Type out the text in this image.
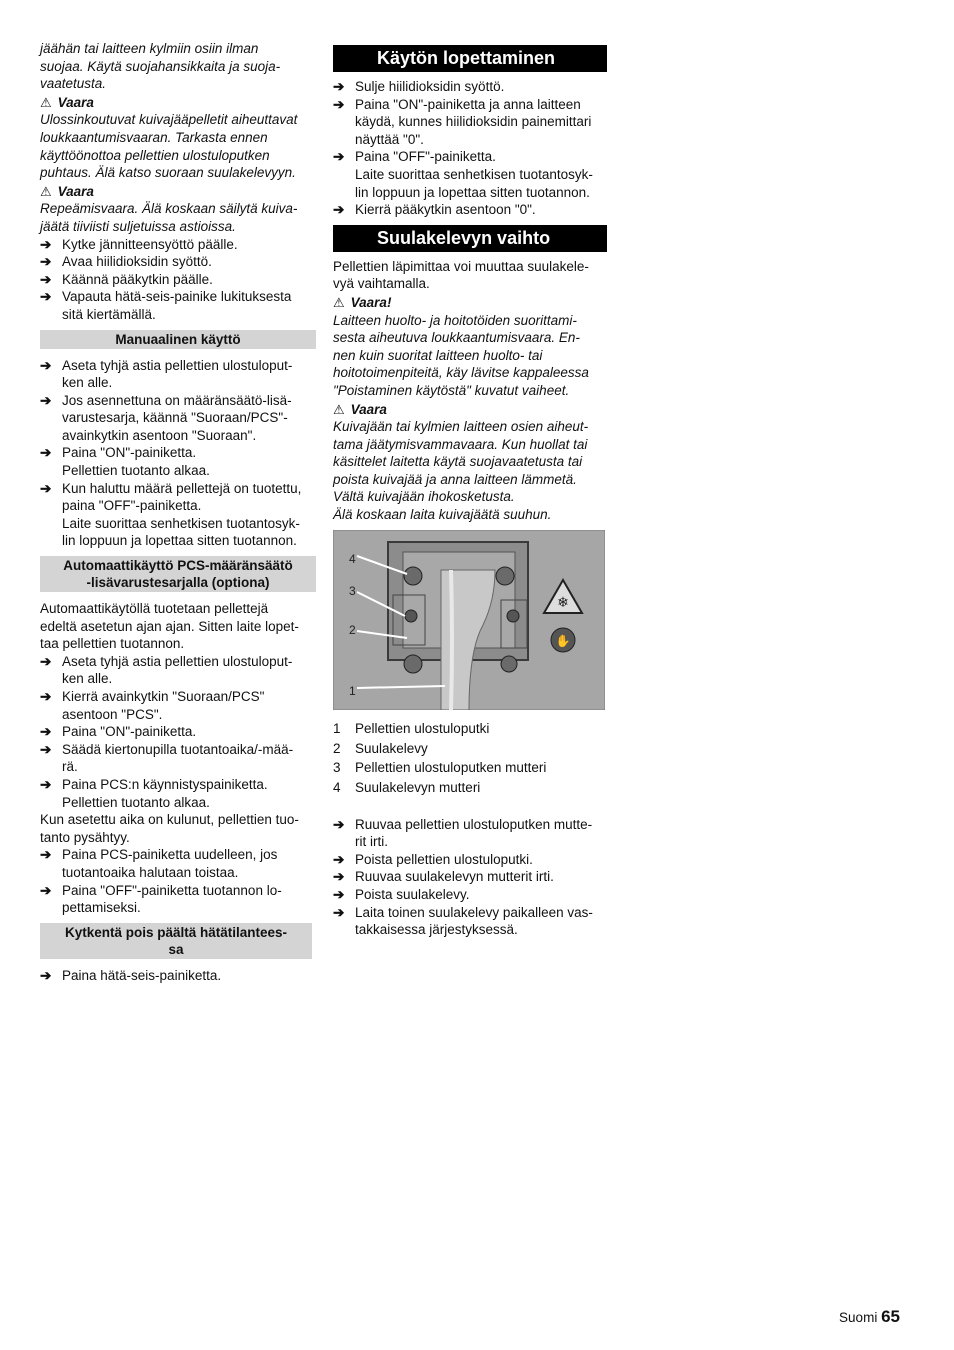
jäähän tai laitteen kylmiin osiin ilman
suojaa. Käytä suojahansikkaita ja suoja-
vaatetusta.

⚠ Vaara

Ulossinkoutuvat kuivajääpelletit aiheuttavat
loukkaantumisvaaran. Tarkasta ennen
käyttöönottoa pellettien ulostuloputken
puhtaus. Älä katso suoraan suulakelevyyn.

⚠ Vaara

Repeämisvaara. Älä koskaan säilytä kuiva-
jäätä tiiviisti suljetuissa astioissa.

➔ Kytke jännitteensyöttö päälle.
➔ Avaa hiilidioksidin syöttö.
➔ Käännä pääkytkin päälle.
➔ Vapauta hätä-seis-painike lukituksesta
sitä kiertämällä.
Manuaalinen käyttö
➔ Aseta tyhjä astia pellettien ulostuloput-
ken alle.
➔ Jos asennettuna on määränsäätö-lisä-
varustesarja, käännä "Suoraan/PCS"-
avainkytkin asentoon "Suoraan".
➔ Paina "ON"-painiketta.
Pellettien tuotanto alkaa.
➔ Kun haluttu määrä pellettejä on tuotettu,
paina "OFF"-painiketta.
Laite suorittaa senhetkisen tuotantosyk-
lin loppuun ja lopettaa sitten tuotannon.
Automaattikäyttö PCS-määränsäätö
-lisävarustesarjalla (optiona)

Automaattikäytöllä tuotetaan pellettejä
edeltä asetetun ajan ajan. Sitten laite lopet-
taa pellettien tuotannon.

➔ Aseta tyhjä astia pellettien ulostuloput-
ken alle.
➔ Kierrä avainkytkin "Suoraan/PCS"
asentoon "PCS".
➔ Paina "ON"-painiketta.
➔ Säädä kiertonupilla tuotantoaika/-mää-
rä.
➔ Paina PCS:n käynnistyspainiketta.
Pellettien tuotanto alkaa.

Kun asetettu aika on kulunut, pellettien tuo-
tanto pysähtyy.

➔ Paina PCS-painiketta uudelleen, jos
tuotantoaika halutaan toistaa.
➔ Paina "OFF"-painiketta tuotannon lo-
pettamiseksi.
Kytkentä pois päältä hätätilantees-
sa
➔ Paina hätä-seis-painiketta.
Käytön lopettaminen
➔ Sulje hiilidioksidin syöttö.
➔ Paina "ON"-painiketta ja anna laitteen
käydä, kunnes hiilidioksidin painemittari
näyttää "0".
➔ Paina "OFF"-painiketta.
Laite suorittaa senhetkisen tuotantosyk-
lin loppuun ja lopettaa sitten tuotannon.
➔ Kierrä pääkytkin asentoon "0".
Suulakelevyn vaihto

Pellettien läpimittaa voi muuttaa suulakele-
vyä vaihtamalla.

⚠ Vaara!

Laitteen huolto- ja hoitotöiden suorittami-
sesta aiheutuva loukkaantumisvaara. En-
nen kuin suoritat laitteen huolto- tai
hoitotoimenpiteitä, käy lävitse kappaleessa
"Poistaminen käytöstä" kuvatut vaiheet.

⚠ Vaara

Kuivajään tai kylmien laitteen osien aiheut-
tama jäätymisvammavaara. Kun huollat tai
käsittelet laitetta käytä suojavaatetusta tai
poista kuivajää ja anna laitteen lämmetä.
Vältä kuivajään ihokosketusta.
Älä koskaan laita kuivajäätä suuhun.

❄
✋
4
3
2
1
1	Pellettien ulostuloputki
2	Suulakelevy
3	Pellettien ulostuloputken mutteri
4	Suulakelevyn mutteri
➔ Ruuvaa pellettien ulostuloputken mutte-
rit irti.
➔ Poista pellettien ulostuloputki.
➔ Ruuvaa suulakelevyn mutterit irti.
➔ Poista suulakelevy.
➔ Laita toinen suulakelevy paikalleen vas-
takkaisessa järjestyksessä.
Suomi 65
